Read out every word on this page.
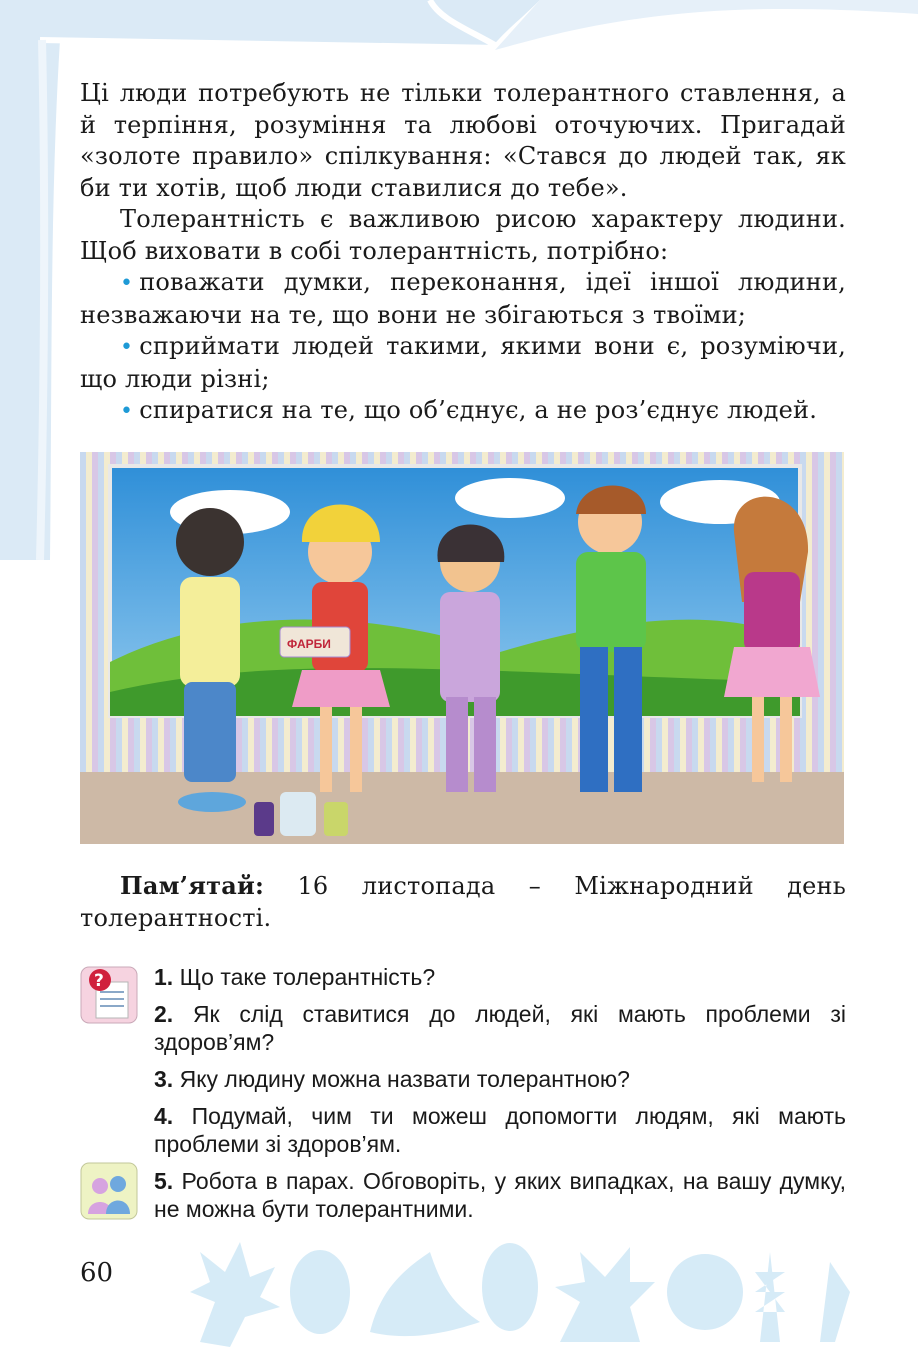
Ці люди потребують не тільки толерантного ставлення, а й терпіння, розуміння та любові оточуючих. Пригадай «золоте правило» спілкування: «Стався до людей так, як би ти хотів, щоб люди ставилися до тебе».

Толерантність є важливою рисою характеру людини. Щоб виховати в собі толерантність, потрібно:

• поважати думки, переконання, ідеї іншої людини, незважаючи на те, що вони не збігаються з твоїми;

• сприймати людей такими, якими вони є, розуміючи, що люди різні;

• спиратися на те, що об’єднує, а не роз’єднує людей.

ФАРБИ

Пам’ятай: 16 листопада – Міжнародний день толерантності.

? 1. Що таке толерантність?

2. Як слід ставитися до людей, які мають проблеми зі здоров’ям?

3. Яку людину можна назвати толерантною?

4. Подумай, чим ти можеш допомогти людям, які мають проблеми зі здоров’ям.

5. Робота в парах. Обговоріть, у яких випадках, на вашу думку, не можна бути толерантними.

60
